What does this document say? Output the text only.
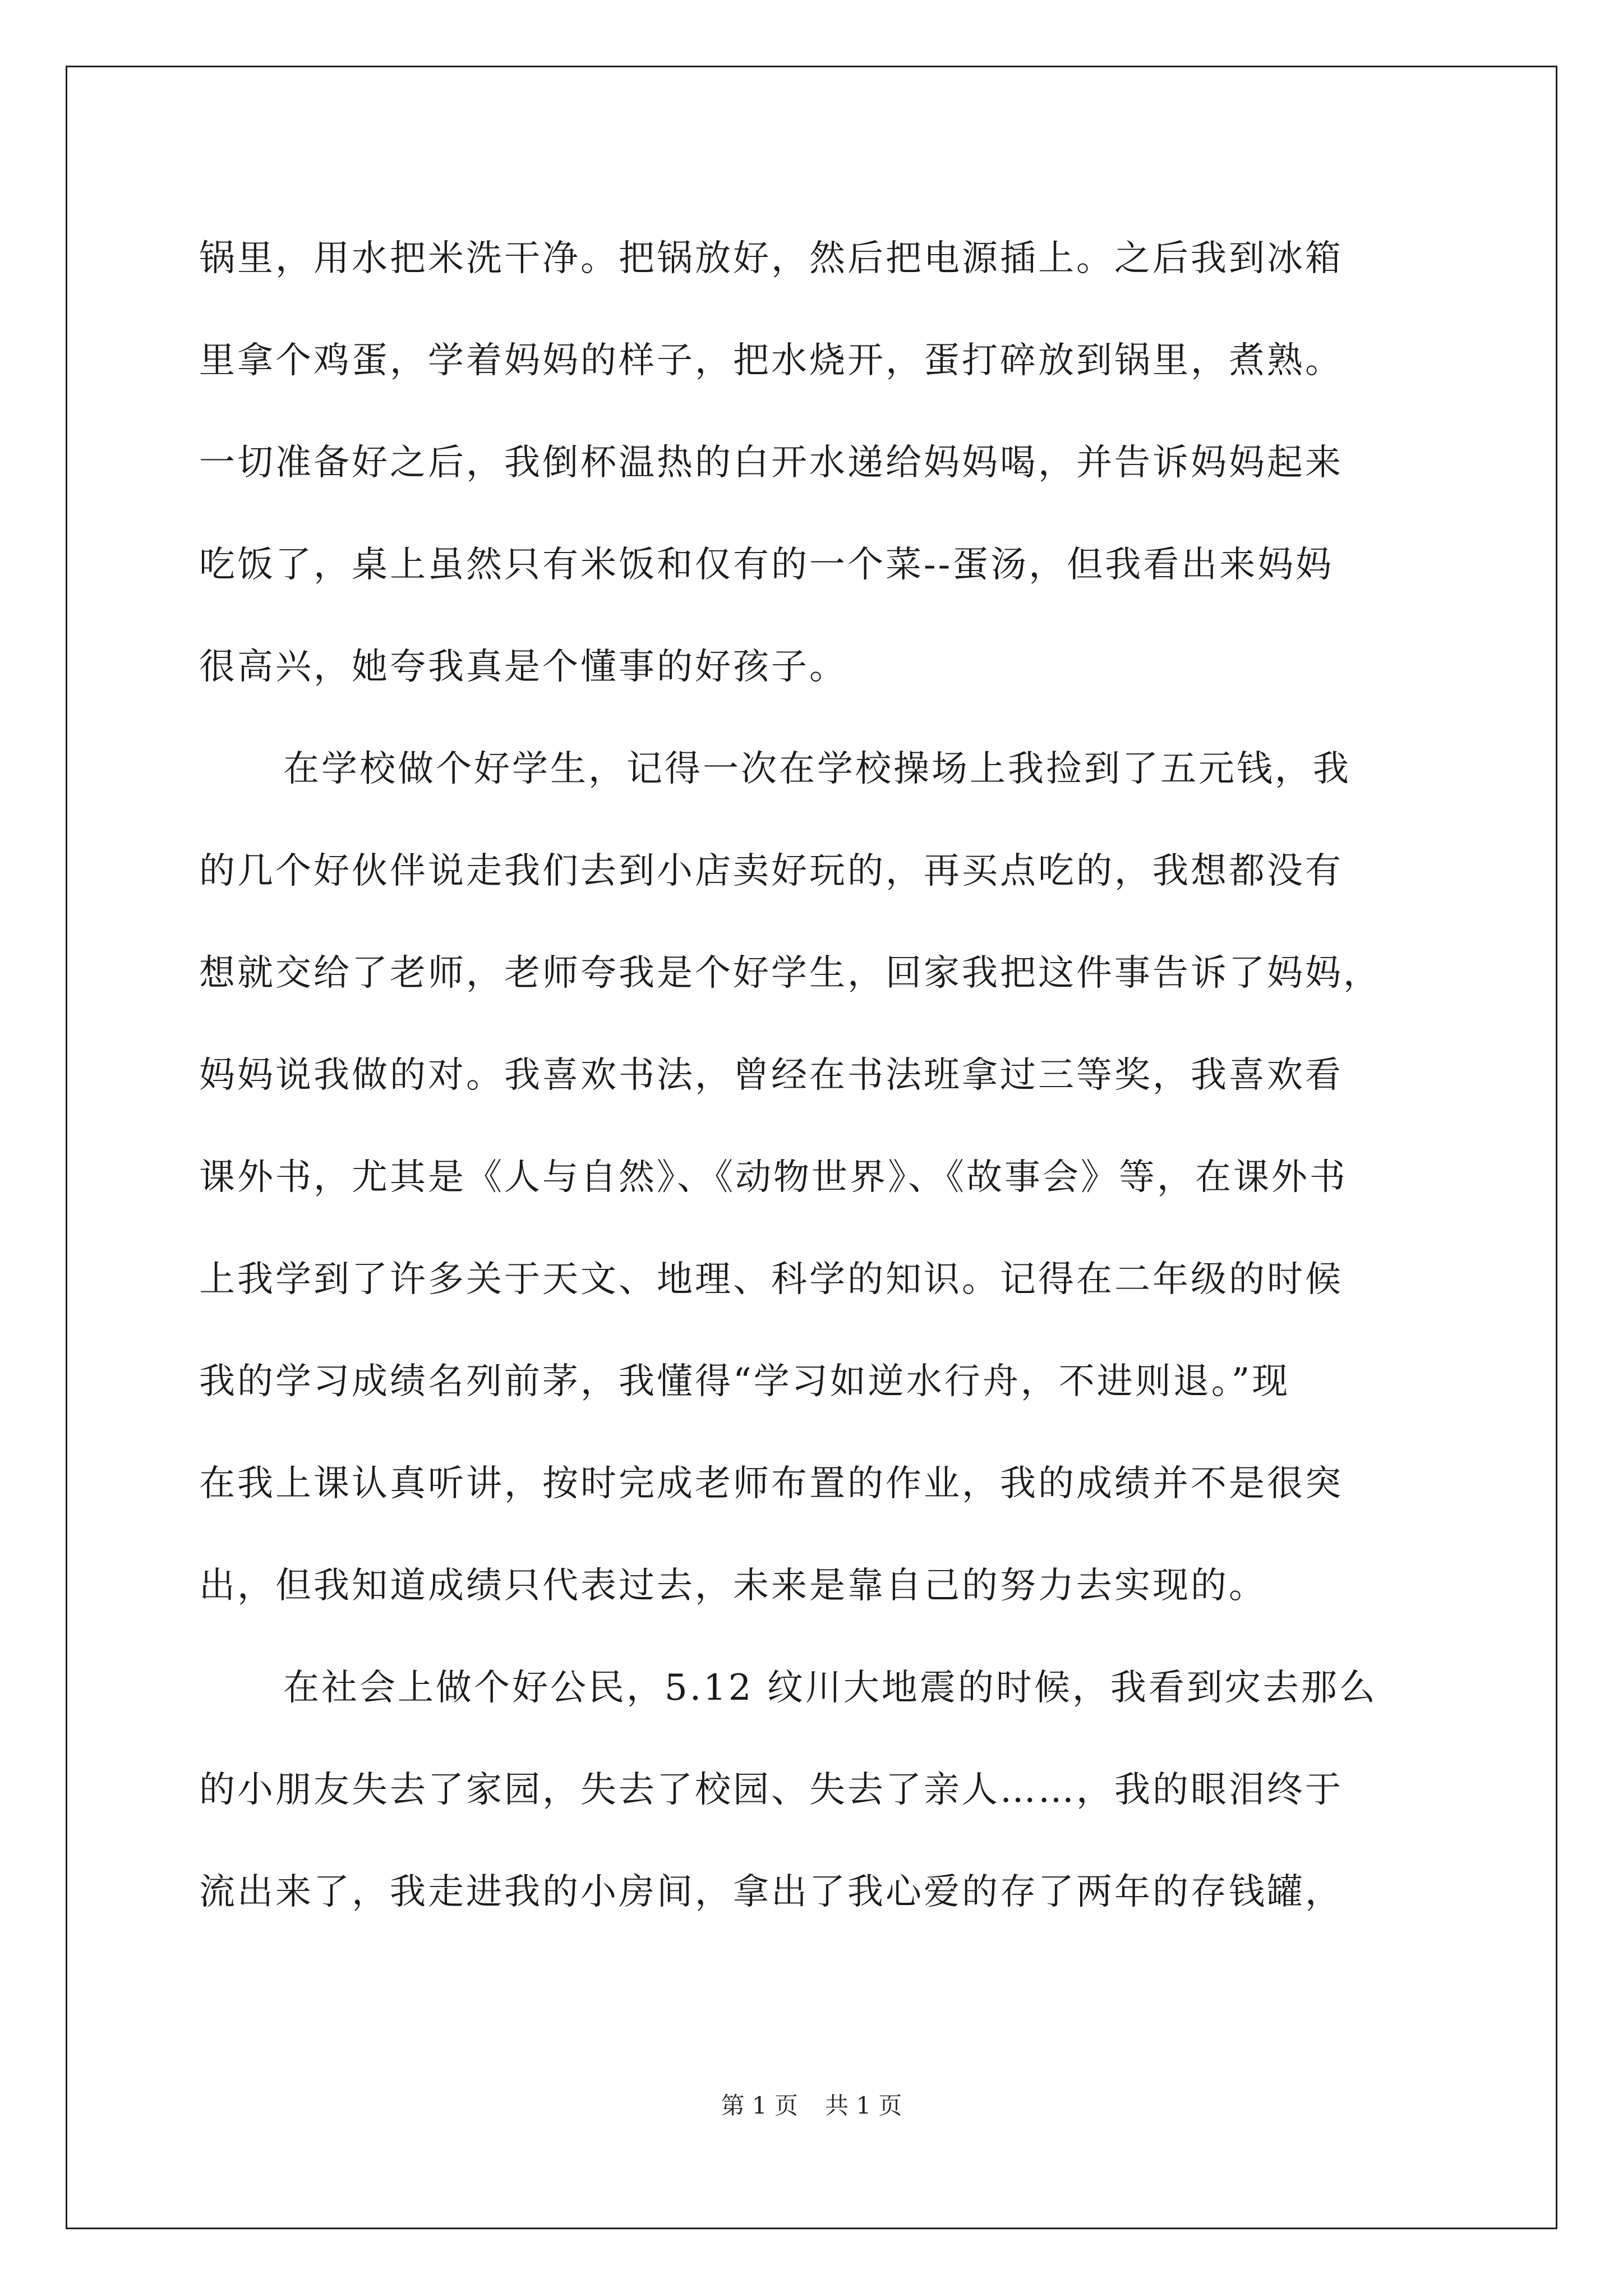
锅里，用水把米洗干净。把锅放好，然后把电源插上。之后我到冰箱
里拿个鸡蛋，学着妈妈的样子，把水烧开，蛋打碎放到锅里，煮熟。
一切准备好之后，我倒杯温热的白开水递给妈妈喝，并告诉妈妈起来
吃饭了，桌上虽然只有米饭和仅有的一个菜--蛋汤，但我看出来妈妈
很高兴，她夸我真是个懂事的好孩子。
在学校做个好学生，记得一次在学校操场上我捡到了五元钱，我
的几个好伙伴说走我们去到小店卖好玩的，再买点吃的，我想都没有
想就交给了老师，老师夸我是个好学生，回家我把这件事告诉了妈妈，
妈妈说我做的对。我喜欢书法，曾经在书法班拿过三等奖，我喜欢看
课外书，尤其是《人与自然》、《动物世界》、《故事会》等，在课外书
上我学到了许多关于天文、地理、科学的知识。记得在二年级的时候
我的学习成绩名列前茅，我懂得“学习如逆水行舟，不进则退。”现
在我上课认真听讲，按时完成老师布置的作业，我的成绩并不是很突
出，但我知道成绩只代表过去，未来是靠自己的努力去实现的。
在社会上做个好公民，5.12 纹川大地震的时候，我看到灾去那么
的小朋友失去了家园，失去了校园、失去了亲人……，我的眼泪终于
流出来了，我走进我的小房间，拿出了我心爱的存了两年的存钱罐，
第 1 页 共 1 页
